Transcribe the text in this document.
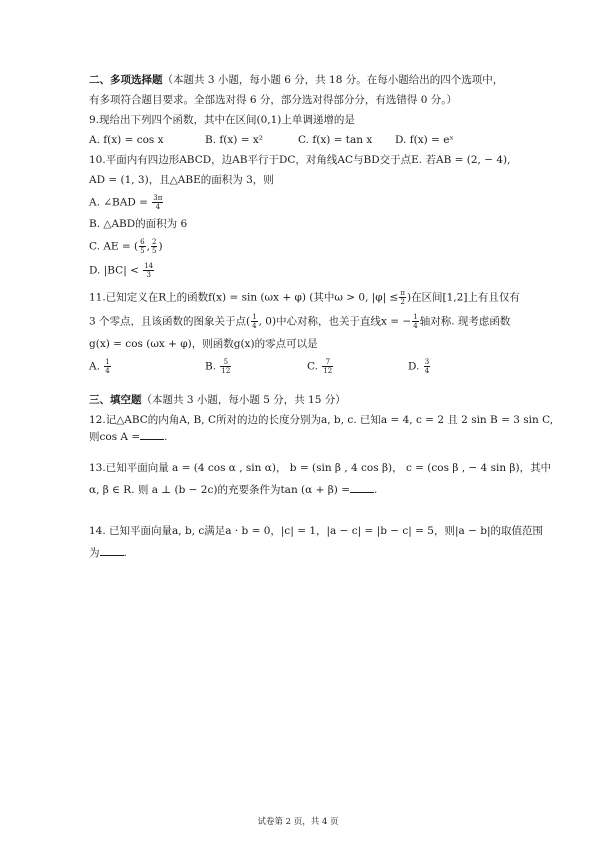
二、多项选择题（本题共 3 小题，每小题 6 分，共 18 分。在每小题给出的四个选项中，
有多项符合题目要求。全部选对得 6 分，部分选对得部分分，有选错得 0 分。）
9.现给出下列四个函数，其中在区间(0,1)上单调递增的是
A. f(x) = cos x	B. f(x) = x²	C. f(x) = tan x D. f(x) = eˣ
10.平面内有四边形ABCD，边AB平行于DC，对角线AC与BD交于点E. 若AB = (2, − 4),
AD = (1, 3)，且△ABE的面积为 3，则
A. ∠BAD = $\frac{3\pi}{4}$
B. △ABD的面积为 6
C. AE = ( $\frac{6}{5}$ , $\frac{2}{5}$ )
D. $|BC| < \frac{14}{3}$
11.已知定义在R上的函数f(x) = sin (ωx + φ) (其中ω > 0, $|\varphi| \le \frac{\pi}{2}$ )在区间[1,2]上有且仅有
3 个零点，且该函数的图象关于点( $\frac{1}{4}$ , 0)中心对称，也关于直线x = − $\frac{1}{4}$ 轴对称. 现考虑函数
g(x) = cos (ωx + φ)，则函数g(x)的零点可以是
A. $\frac{1}{4}$	B. $\frac{5}{12}$	C. $\frac{7}{12}$	D. $\frac{3}{4}$
三、填空题（本题共 3 小题，每小题 5 分，共 15 分）
12.记△ABC的内角A, B, C所对的边的长度分别为a, b, c. 已知a = 4, c = 2 且 2 sin B = 3 sin C,
则cos A = .
13.已知平面向量 a = (4 cos α , sin α)， b = (sin β , 4 cos β)， c = (cos β , − 4 sin β)，其中
α, β ∈ R. 则 a ⊥ (b − 2c)的充要条件为tan (α + β) = .
14. 已知平面向量a, b, c满足a · b = 0，|c| = 1，|a − c| = |b − c| = 5，则|a − b|的取值范围
为 .
试卷第 2 页，共 4 页
